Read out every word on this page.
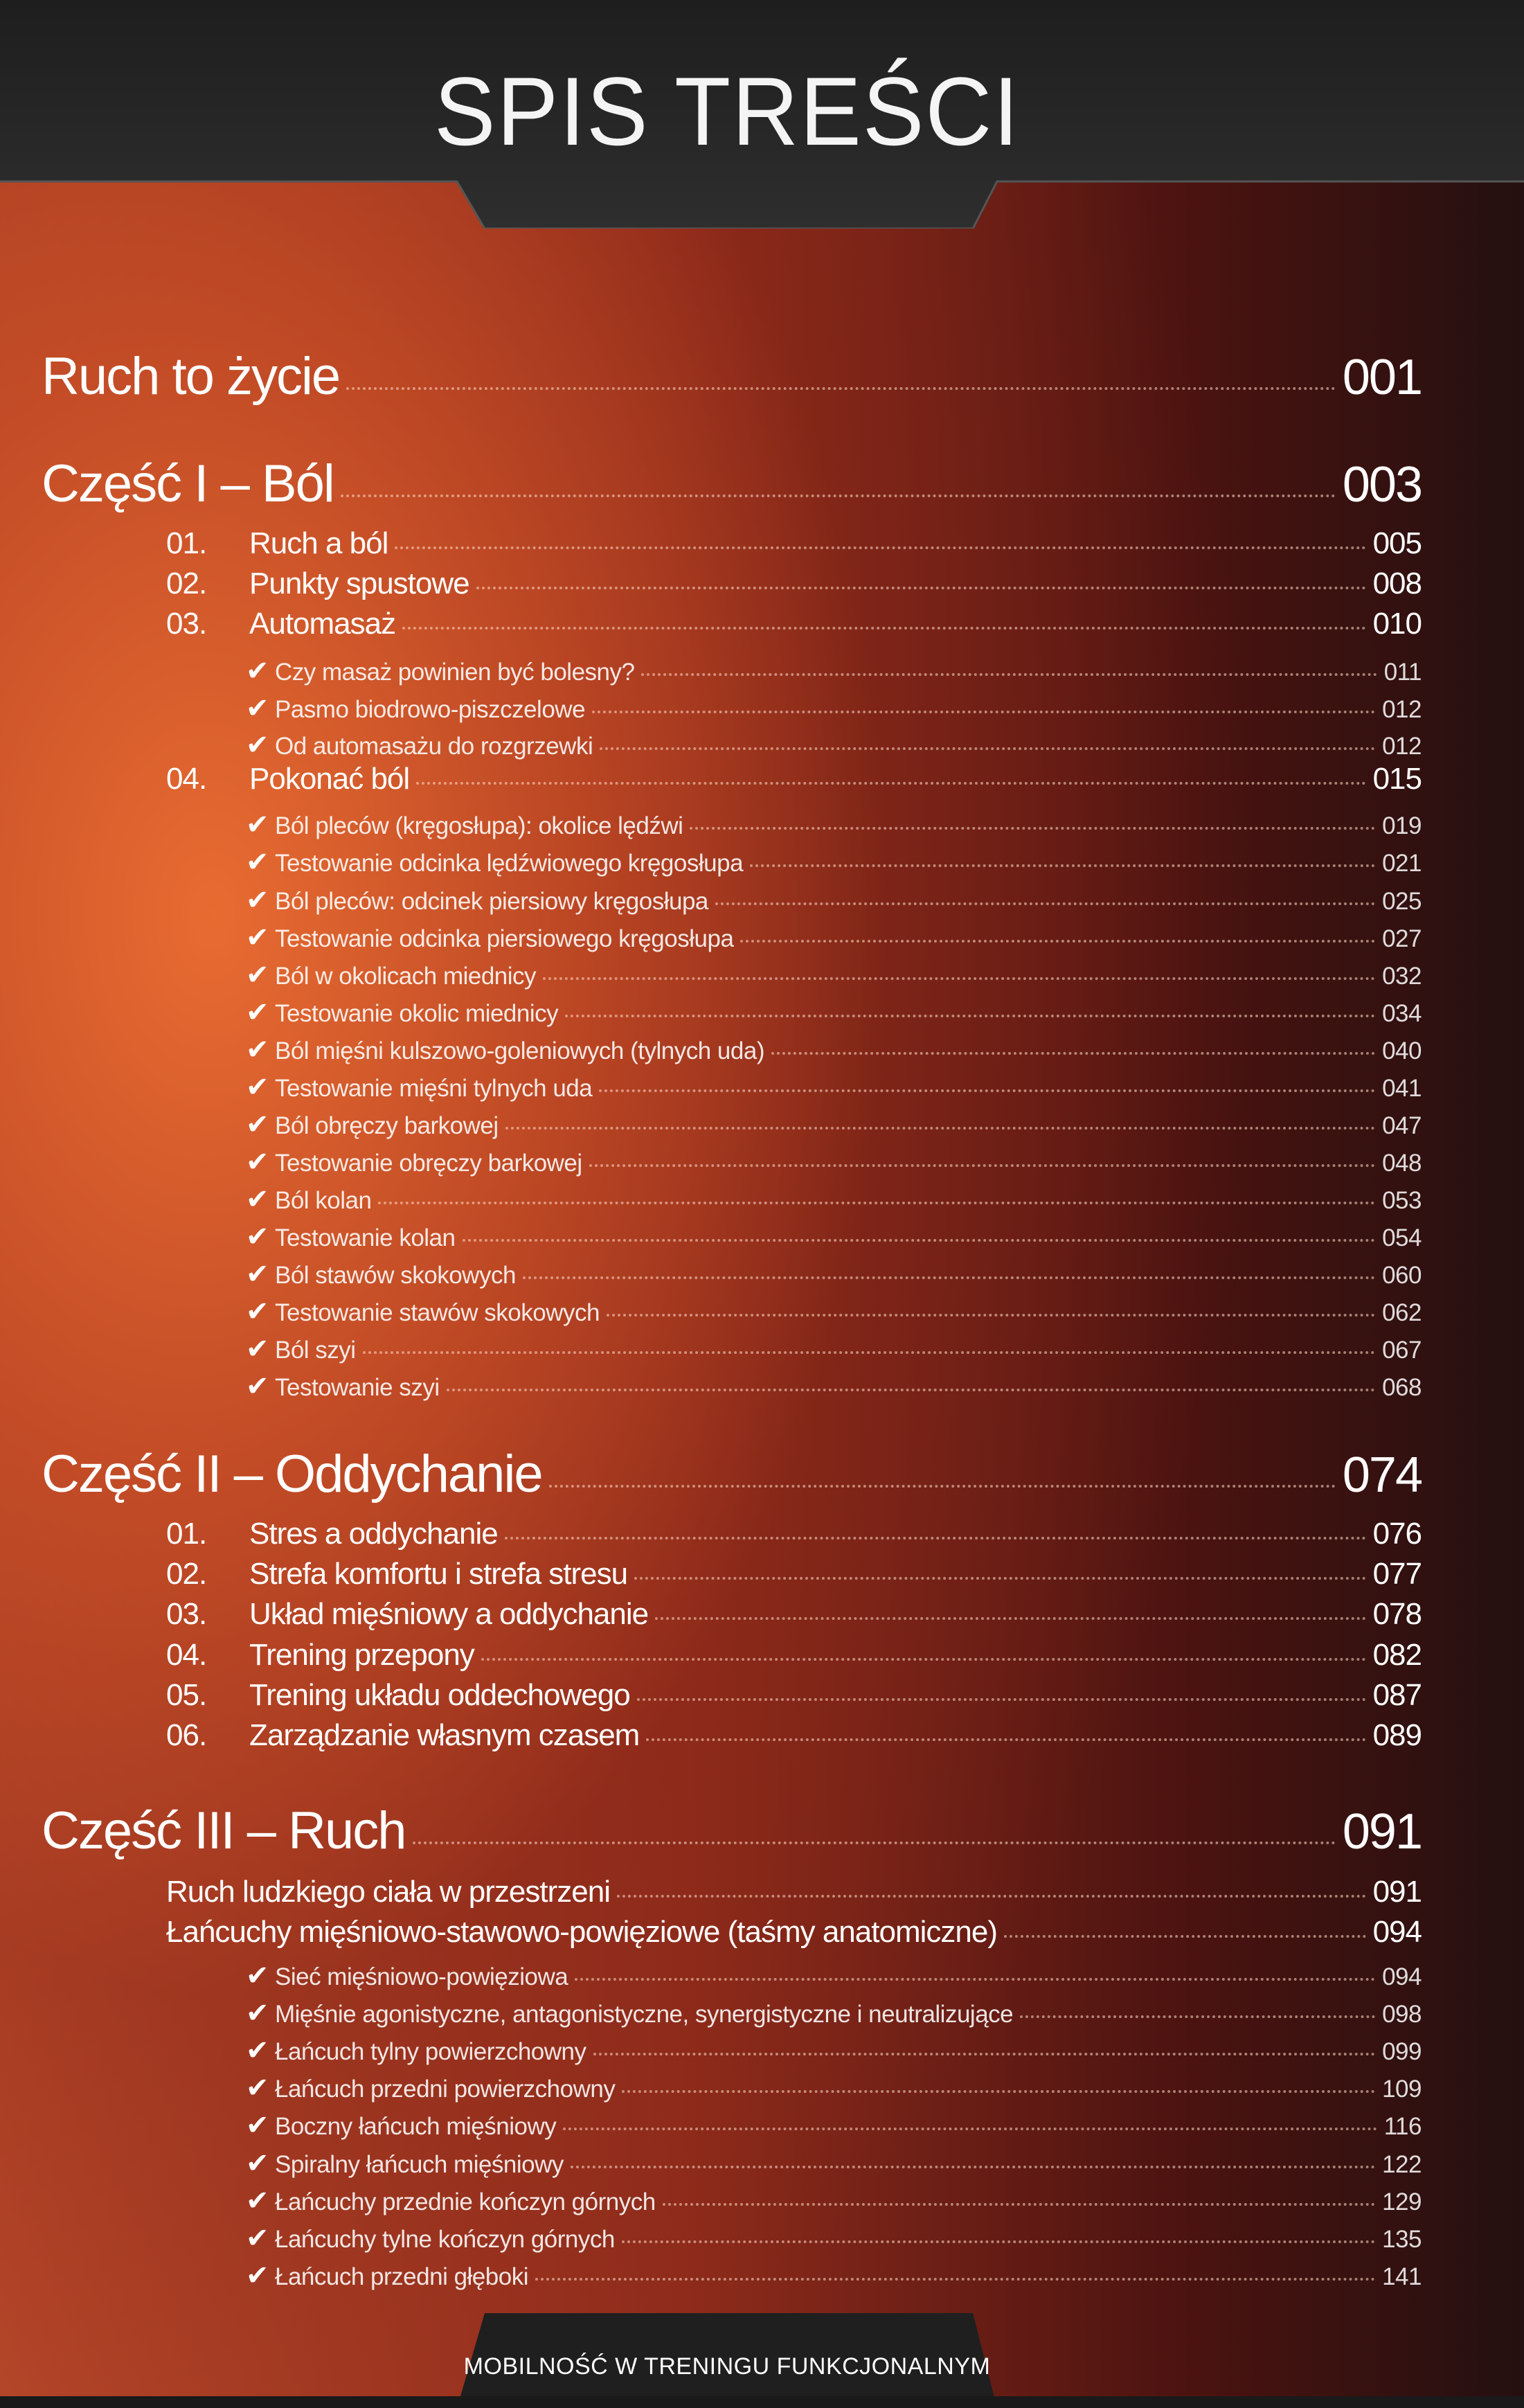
SPIS TREŚCI
Ruch to życie	001
Część I – Ból	003
01. Ruch a ból	005
02. Punkty spustowe	008
03. Automasaż	010
✔ Czy masaż powinien być bolesny?	011
✔ Pasmo biodrowo-piszczelowe	012
✔ Od automasażu do rozgrzewki	012
04. Pokonać ból	015
✔ Ból pleców (kręgosłupa): okolice lędźwi	019
✔ Testowanie odcinka lędźwiowego kręgosłupa	021
✔ Ból pleców: odcinek piersiowy kręgosłupa	025
✔ Testowanie odcinka piersiowego kręgosłupa	027
✔ Ból w okolicach miednicy	032
✔ Testowanie okolic miednicy	034
✔ Ból mięśni kulszowo-goleniowych (tylnych uda)	040
✔ Testowanie mięśni tylnych uda	041
✔ Ból obręczy barkowej	047
✔ Testowanie obręczy barkowej	048
✔ Ból kolan	053
✔ Testowanie kolan	054
✔ Ból stawów skokowych	060
✔ Testowanie stawów skokowych	062
✔ Ból szyi	067
✔ Testowanie szyi	068
Część II – Oddychanie	074
01. Stres a oddychanie	076
02. Strefa komfortu i strefa stresu	077
03. Układ mięśniowy a oddychanie	078
04. Trening przepony	082
05. Trening układu oddechowego	087
06. Zarządzanie własnym czasem	089
Część III – Ruch	091
Ruch ludzkiego ciała w przestrzeni	091
Łańcuchy mięśniowo-stawowo-powięziowe (taśmy anatomiczne)	094
✔ Sieć mięśniowo-powięziowa	094
✔ Mięśnie agonistyczne, antagonistyczne, synergistyczne i neutralizujące	098
✔ Łańcuch tylny powierzchowny	099
✔ Łańcuch przedni powierzchowny	109
✔ Boczny łańcuch mięśniowy	116
✔ Spiralny łańcuch mięśniowy	122
✔ Łańcuchy przednie kończyn górnych	129
✔ Łańcuchy tylne kończyn górnych	135
✔ Łańcuch przedni głęboki	141
MOBILNOŚĆ W TRENINGU FUNKCJONALNYM
